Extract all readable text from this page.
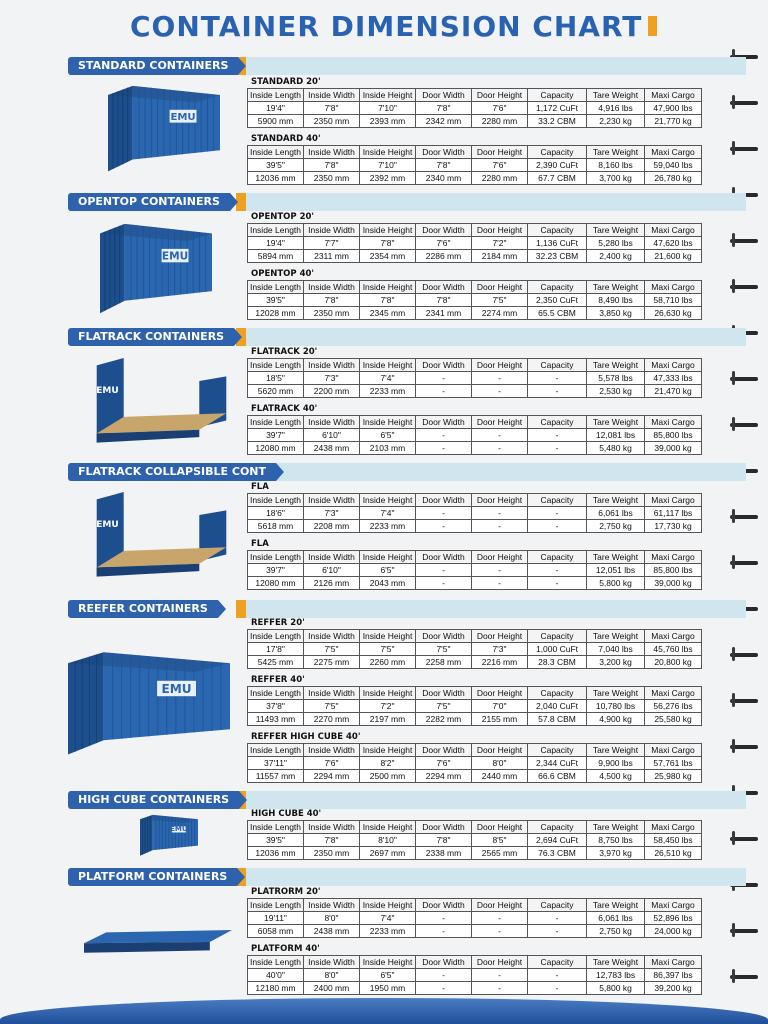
CONTAINER DIMENSION CHART
STANDARD CONTAINERS
EMU
STANDARD 20'
Inside Length	Inside Width	Inside Height	Door Width	Door Height	Capacity	Tare Weight	Maxi Cargo
19'4"	7'8"	7'10"	7'8"	7'6"	1,172 CuFt	4,916 lbs	47,900 lbs
5900 mm	2350 mm	2393 mm	2342 mm	2280 mm	33.2 CBM	2,230 kg	21,770 kg
STANDARD 40'
Inside Length	Inside Width	Inside Height	Door Width	Door Height	Capacity	Tare Weight	Maxi Cargo
39'5"	7'8"	7'10"	7'8"	7'6"	2,390 CuFt	8,160 lbs	59,040 lbs
12036 mm	2350 mm	2392 mm	2340 mm	2280 mm	67.7 CBM	3,700 kg	26,780 kg
OPENTOP CONTAINERS
EMU
OPENTOP 20'
Inside Length	Inside Width	Inside Height	Door Width	Door Height	Capacity	Tare Weight	Maxi Cargo
19'4"	7'7"	7'8"	7'6"	7'2"	1,136 CuFt	5,280 lbs	47,620 lbs
5894 mm	2311 mm	2354 mm	2286 mm	2184 mm	32.23 CBM	2,400 kg	21,600 kg
OPENTOP 40'
Inside Length	Inside Width	Inside Height	Door Width	Door Height	Capacity	Tare Weight	Maxi Cargo
39'5"	7'8"	7'8"	7'8"	7'5"	2,350 CuFt	8,490 lbs	58,710 lbs
12028 mm	2350 mm	2345 mm	2341 mm	2274 mm	65.5 CBM	3,850 kg	26,630 kg
FLATRACK CONTAINERS
EMU
FLATRACK 20'
Inside Length	Inside Width	Inside Height	Door Width	Door Height	Capacity	Tare Weight	Maxi Cargo
18'5"	7'3"	7'4"	-	-	-	5,578 lbs	47,333 lbs
5620 mm	2200 mm	2233 mm	-	-	-	2,530 kg	21,470 kg
FLATRACK 40'
Inside Length	Inside Width	Inside Height	Door Width	Door Height	Capacity	Tare Weight	Maxi Cargo
39'7"	6'10"	6'5"	-	-	-	12,081 lbs	85,800 lbs
12080 mm	2438 mm	2103 mm	-	-	-	5,480 kg	39,000 kg
FLATRACK COLLAPSIBLE CONT
EMU
FLA
Inside Length	Inside Width	Inside Height	Door Width	Door Height	Capacity	Tare Weight	Maxi Cargo
18'6"	7'3"	7'4"	-	-	-	6,061 lbs	61,117 lbs
5618 mm	2208 mm	2233 mm	-	-	-	2,750 kg	17,730 kg
FLA
Inside Length	Inside Width	Inside Height	Door Width	Door Height	Capacity	Tare Weight	Maxi Cargo
39'7"	6'10"	6'5"	-	-	-	12,051 lbs	85,800 lbs
12080 mm	2126 mm	2043 mm	-	-	-	5,800 kg	39,000 kg
REEFER CONTAINERS
EMU
REFFER 20'
Inside Length	Inside Width	Inside Height	Door Width	Door Height	Capacity	Tare Weight	Maxi Cargo
17'8"	7'5"	7'5"	7'5"	7'3"	1,000 CuFt	7,040 lbs	45,760 lbs
5425 mm	2275 mm	2260 mm	2258 mm	2216 mm	28.3 CBM	3,200 kg	20,800 kg
REFFER 40'
Inside Length	Inside Width	Inside Height	Door Width	Door Height	Capacity	Tare Weight	Maxi Cargo
37'8"	7'5"	7'2"	7'5"	7'0"	2,040 CuFt	10,780 lbs	56,276 lbs
11493 mm	2270 mm	2197 mm	2282 mm	2155 mm	57.8 CBM	4,900 kg	25,580 kg
REFFER HIGH CUBE 40'
Inside Length	Inside Width	Inside Height	Door Width	Door Height	Capacity	Tare Weight	Maxi Cargo
37'11"	7'6"	8'2"	7'6"	8'0"	2,344 CuFt	9,900 lbs	57,761 lbs
11557 mm	2294 mm	2500 mm	2294 mm	2440 mm	66.6 CBM	4,500 kg	25,980 kg
HIGH CUBE CONTAINERS
EMU
HIGH CUBE 40'
Inside Length	Inside Width	Inside Height	Door Width	Door Height	Capacity	Tare Weight	Maxi Cargo
39'5"	7'8"	8'10"	7'8"	8'5"	2,694 CuFt	8,750 lbs	58,450 lbs
12036 mm	2350 mm	2697 mm	2338 mm	2565 mm	76.3 CBM	3,970 kg	26,510 kg
PLATFORM CONTAINERS
PLATRORM 20'
Inside Length	Inside Width	Inside Height	Door Width	Door Height	Capacity	Tare Weight	Maxi Cargo
19'11"	8'0"	7'4"	-	-	-	6,061 lbs	52,896 lbs
6058 mm	2438 mm	2233 mm	-	-	-	2,750 kg	24,000 kg
PLATFORM 40'
Inside Length	Inside Width	Inside Height	Door Width	Door Height	Capacity	Tare Weight	Maxi Cargo
40'0"	8'0"	6'5"	-	-	-	12,783 lbs	86,397 lbs
12180 mm	2400 mm	1950 mm	-	-	-	5,800 kg	39,200 kg
